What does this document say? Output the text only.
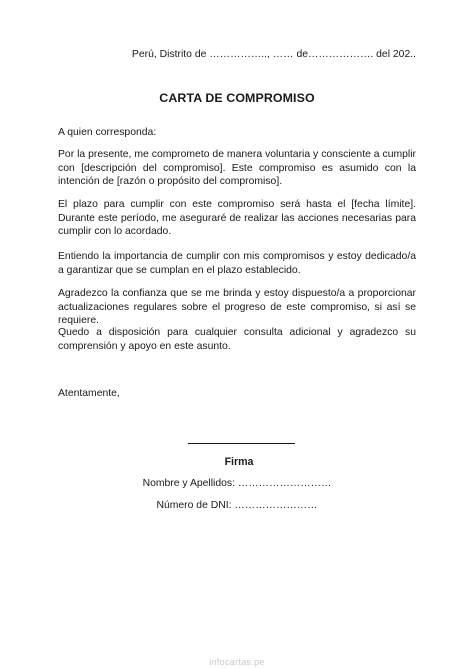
Perú, Distrito de …………….., …… de………………. del 202..
CARTA DE COMPROMISO
A quien corresponda:

Por la presente, me comprometo de manera voluntaria y consciente a cumplir con [descripción del compromiso]. Este compromiso es asumido con la intención de [razón o propósito del compromiso].

El plazo para cumplir con este compromiso será hasta el [fecha límite]. Durante este período, me aseguraré de realizar las acciones necesarias para cumplir con lo acordado.

Entiendo la importancia de cumplir con mis compromisos y estoy dedicado/a a garantizar que se cumplan en el plazo establecido.

Agradezco la confianza que se me brinda y estoy dispuesto/a a proporcionar actualizaciones regulares sobre el progreso de este compromiso, si así se requiere.

Quedo a disposición para cualquier consulta adicional y agradezco su comprensión y apoyo en este asunto.

Atentamente,
Firma
Nombre y Apellidos: ………………………
Número de DNI: ……………………
infocartas.pe
